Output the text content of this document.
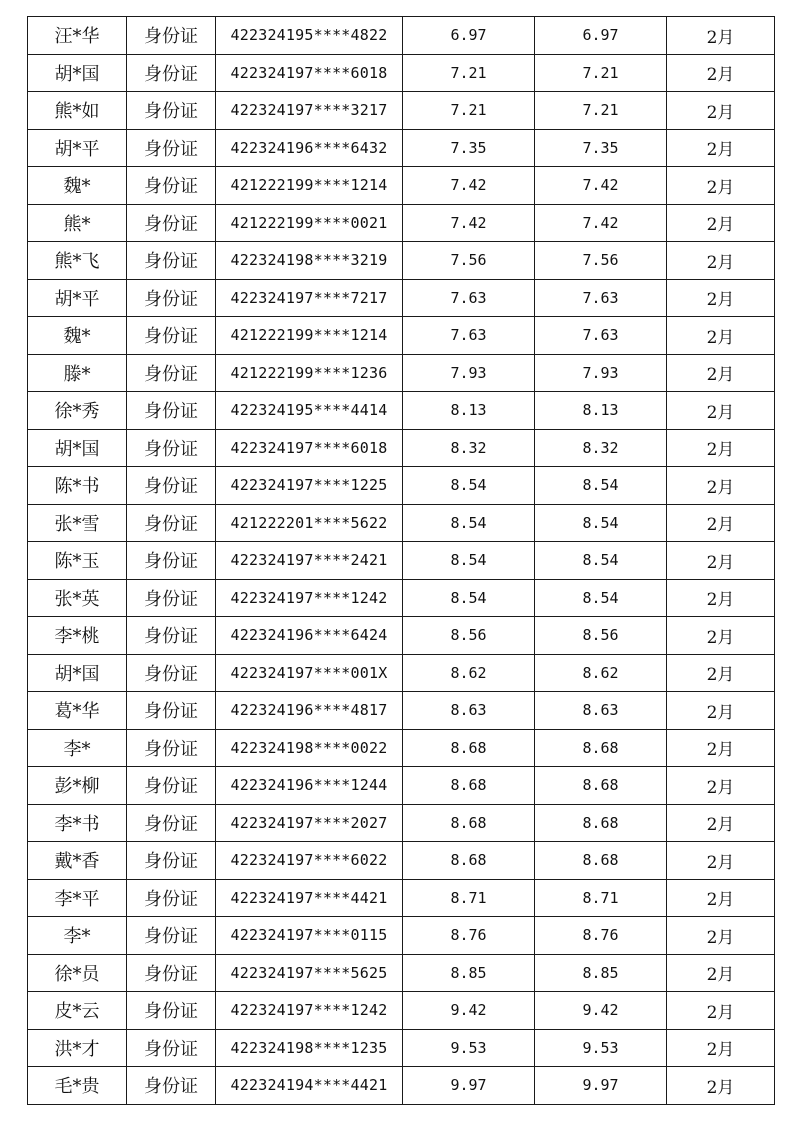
汪*华	身份证	422324195****4822	6.97	6.97	2月
胡*国	身份证	422324197****6018	7.21	7.21	2月
熊*如	身份证	422324197****3217	7.21	7.21	2月
胡*平	身份证	422324196****6432	7.35	7.35	2月
魏*	身份证	421222199****1214	7.42	7.42	2月
熊*	身份证	421222199****0021	7.42	7.42	2月
熊*飞	身份证	422324198****3219	7.56	7.56	2月
胡*平	身份证	422324197****7217	7.63	7.63	2月
魏*	身份证	421222199****1214	7.63	7.63	2月
滕*	身份证	421222199****1236	7.93	7.93	2月
徐*秀	身份证	422324195****4414	8.13	8.13	2月
胡*国	身份证	422324197****6018	8.32	8.32	2月
陈*书	身份证	422324197****1225	8.54	8.54	2月
张*雪	身份证	421222201****5622	8.54	8.54	2月
陈*玉	身份证	422324197****2421	8.54	8.54	2月
张*英	身份证	422324197****1242	8.54	8.54	2月
李*桃	身份证	422324196****6424	8.56	8.56	2月
胡*国	身份证	422324197****001X	8.62	8.62	2月
葛*华	身份证	422324196****4817	8.63	8.63	2月
李*	身份证	422324198****0022	8.68	8.68	2月
彭*柳	身份证	422324196****1244	8.68	8.68	2月
李*书	身份证	422324197****2027	8.68	8.68	2月
戴*香	身份证	422324197****6022	8.68	8.68	2月
李*平	身份证	422324197****4421	8.71	8.71	2月
李*	身份证	422324197****0115	8.76	8.76	2月
徐*员	身份证	422324197****5625	8.85	8.85	2月
皮*云	身份证	422324197****1242	9.42	9.42	2月
洪*才	身份证	422324198****1235	9.53	9.53	2月
毛*贵	身份证	422324194****4421	9.97	9.97	2月
